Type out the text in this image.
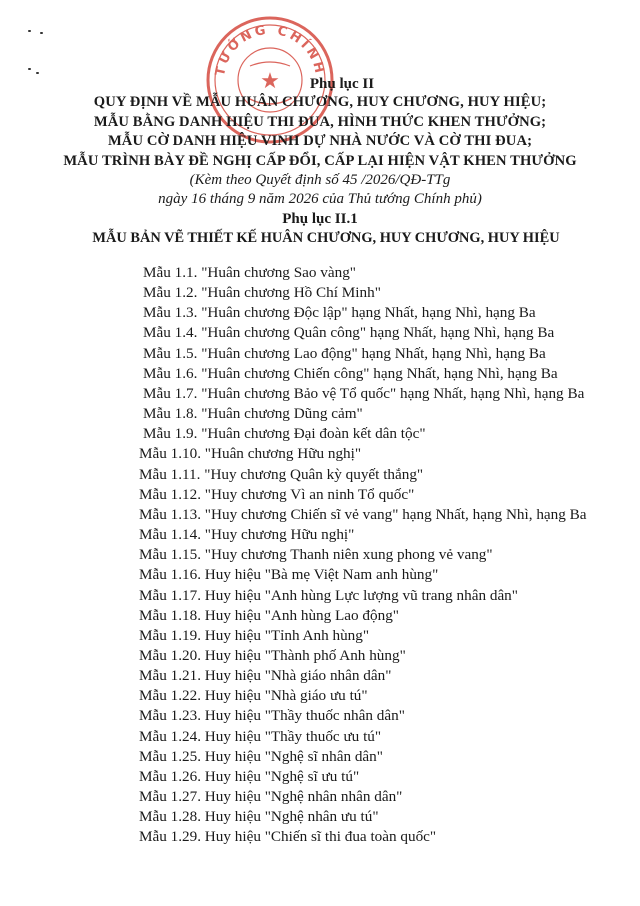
TƯỚNG CHÍNH
★	Phụ lục II
QUY ĐỊNH VỀ MẪU HUÂN CHƯƠNG, HUY CHƯƠNG, HUY HIỆU;
MẪU BẰNG DANH HIỆU THI ĐUA, HÌNH THỨC KHEN THƯỞNG;
MẪU CỜ DANH HIỆU VINH DỰ NHÀ NƯỚC VÀ CỜ THI ĐUA;
MẪU TRÌNH BÀY ĐỀ NGHỊ CẤP ĐỔI, CẤP LẠI HIỆN VẬT KHEN THƯỞNG
(Kèm theo Quyết định số 45 /2026/QĐ-TTg
ngày 16 tháng 9 năm 2026 của Thủ tướng Chính phủ)
Phụ lục II.1
MẪU BẢN VẼ THIẾT KẾ HUÂN CHƯƠNG, HUY CHƯƠNG, HUY HIỆU
Mẫu 1.1. "Huân chương Sao vàng"
Mẫu 1.2. "Huân chương Hồ Chí Minh"
Mẫu 1.3. "Huân chương Độc lập" hạng Nhất, hạng Nhì, hạng Ba
Mẫu 1.4. "Huân chương Quân công" hạng Nhất, hạng Nhì, hạng Ba
Mẫu 1.5. "Huân chương Lao động" hạng Nhất, hạng Nhì, hạng Ba
Mẫu 1.6. "Huân chương Chiến công" hạng Nhất, hạng Nhì, hạng Ba
Mẫu 1.7. "Huân chương Bảo vệ Tổ quốc" hạng Nhất, hạng Nhì, hạng Ba
Mẫu 1.8. "Huân chương Dũng cảm"
Mẫu 1.9. "Huân chương Đại đoàn kết dân tộc"
Mẫu 1.10. "Huân chương Hữu nghị"
Mẫu 1.11. "Huy chương Quân kỳ quyết thắng"
Mẫu 1.12. "Huy chương Vì an ninh Tổ quốc"
Mẫu 1.13. "Huy chương Chiến sĩ vẻ vang" hạng Nhất, hạng Nhì, hạng Ba
Mẫu 1.14. "Huy chương Hữu nghị"
Mẫu 1.15. "Huy chương Thanh niên xung phong vẻ vang"
Mẫu 1.16. Huy hiệu "Bà mẹ Việt Nam anh hùng"
Mẫu 1.17. Huy hiệu "Anh hùng Lực lượng vũ trang nhân dân"
Mẫu 1.18. Huy hiệu "Anh hùng Lao động"
Mẫu 1.19. Huy hiệu "Tỉnh Anh hùng"
Mẫu 1.20. Huy hiệu "Thành phố Anh hùng"
Mẫu 1.21. Huy hiệu "Nhà giáo nhân dân"
Mẫu 1.22. Huy hiệu "Nhà giáo ưu tú"
Mẫu 1.23. Huy hiệu "Thầy thuốc nhân dân"
Mẫu 1.24. Huy hiệu "Thầy thuốc ưu tú"
Mẫu 1.25. Huy hiệu "Nghệ sĩ nhân dân"
Mẫu 1.26. Huy hiệu "Nghệ sĩ ưu tú"
Mẫu 1.27. Huy hiệu "Nghệ nhân nhân dân"
Mẫu 1.28. Huy hiệu "Nghệ nhân ưu tú"
Mẫu 1.29. Huy hiệu "Chiến sĩ thi đua toàn quốc"
